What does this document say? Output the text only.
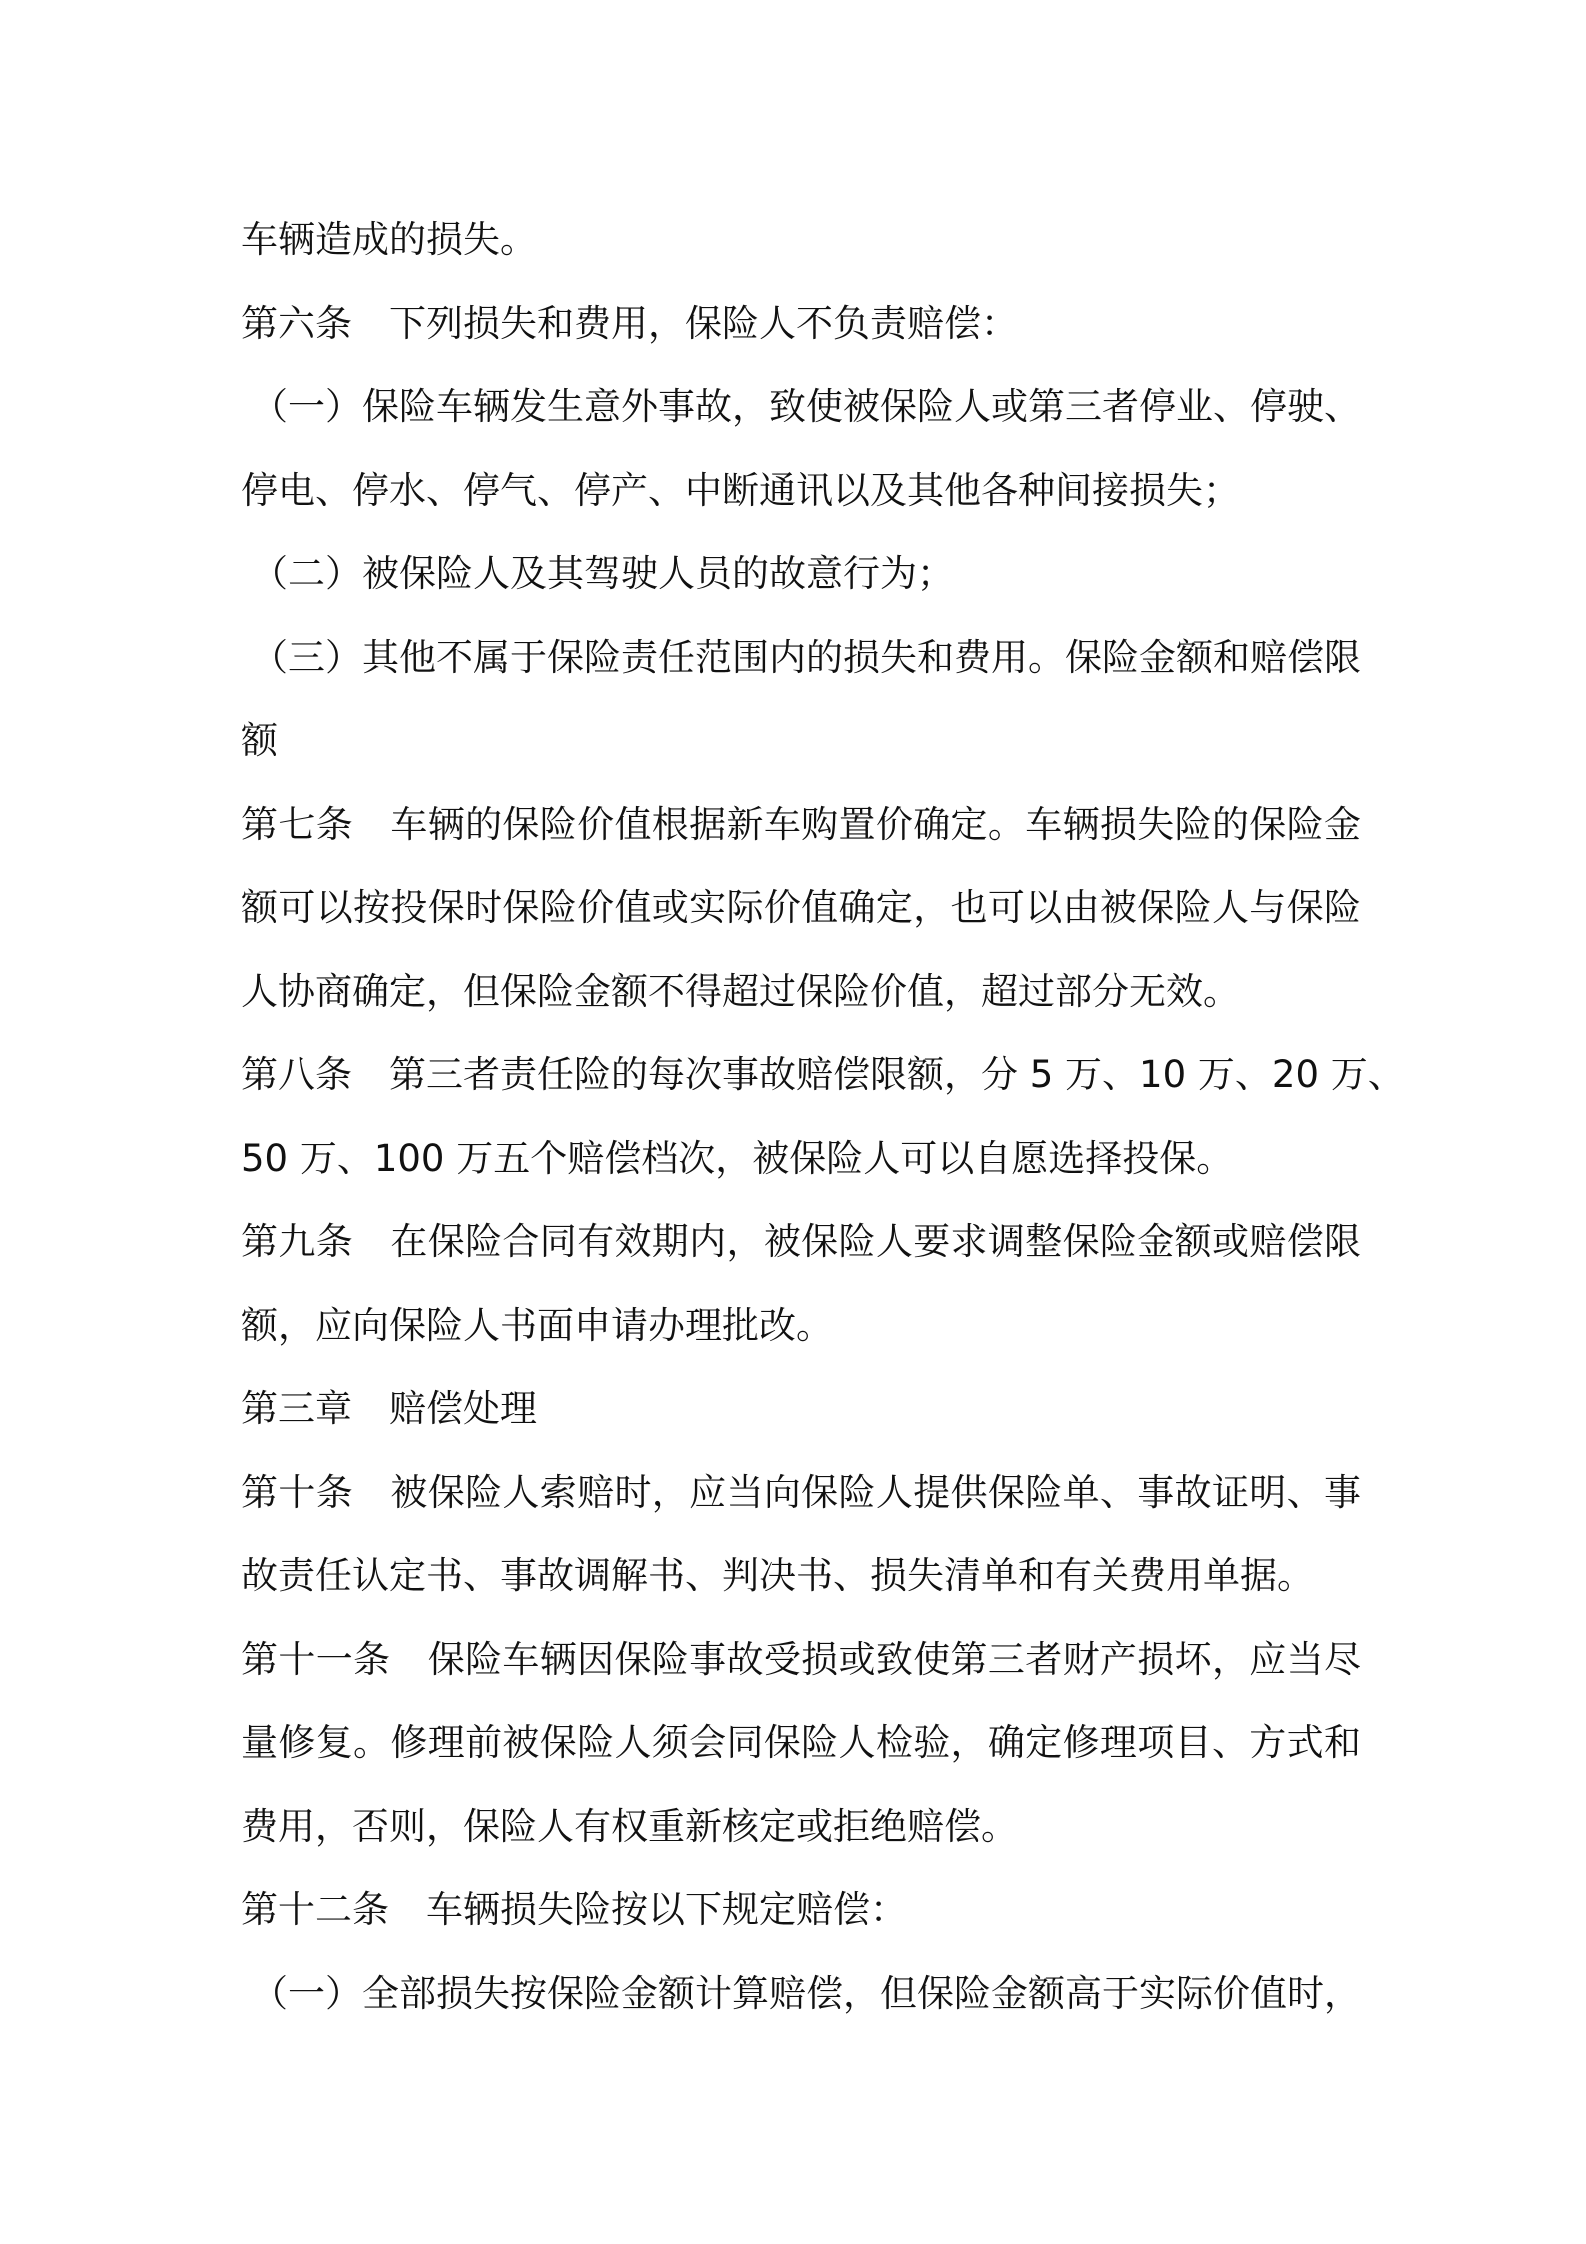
车辆造成的损失。
第六条　下列损失和费用，保险人不负责赔偿：
（一）保险车辆发生意外事故，致使被保险人或第三者停业、停驶、
停电、停水、停气、停产、中断通讯以及其他各种间接损失；
（二）被保险人及其驾驶人员的故意行为；
（三）其他不属于保险责任范围内的损失和费用。保险金额和赔偿限
额
第七条　车辆的保险价值根据新车购置价确定。车辆损失险的保险金
额可以按投保时保险价值或实际价值确定，也可以由被保险人与保险
人协商确定，但保险金额不得超过保险价值，超过部分无效。
第八条　第三者责任险的每次事故赔偿限额，分 5 万、10 万、20 万、
50 万、100 万五个赔偿档次，被保险人可以自愿选择投保。
第九条　在保险合同有效期内，被保险人要求调整保险金额或赔偿限
额，应向保险人书面申请办理批改。
第三章　赔偿处理
第十条　被保险人索赔时，应当向保险人提供保险单、事故证明、事
故责任认定书、事故调解书、判决书、损失清单和有关费用单据。
第十一条　保险车辆因保险事故受损或致使第三者财产损坏，应当尽
量修复。修理前被保险人须会同保险人检验，确定修理项目、方式和
费用，否则，保险人有权重新核定或拒绝赔偿。
第十二条　车辆损失险按以下规定赔偿：
（一）全部损失按保险金额计算赔偿，但保险金额高于实际价值时，
